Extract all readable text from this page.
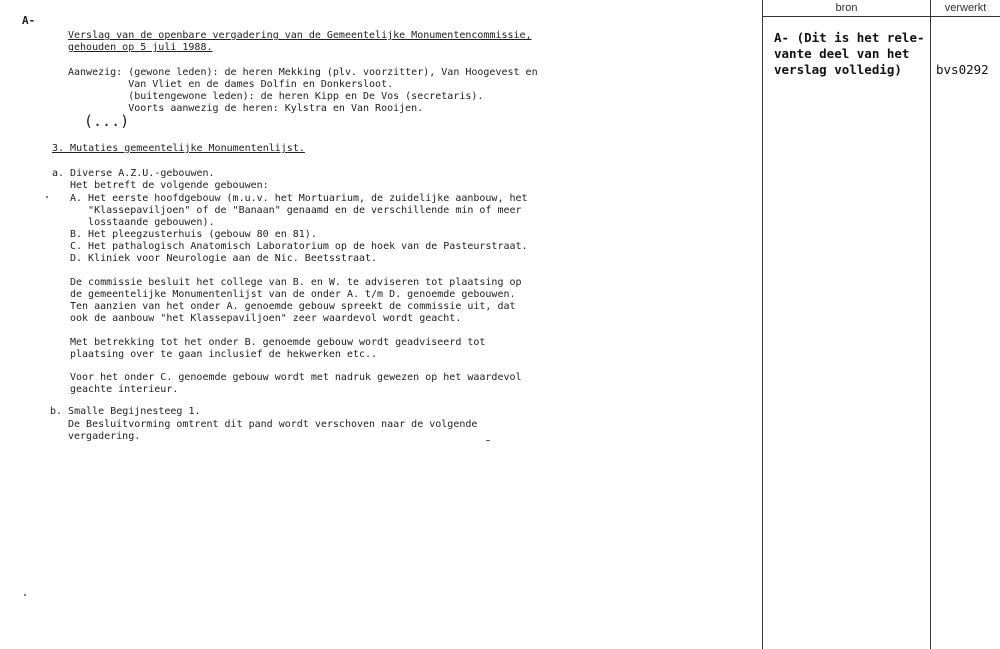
A-
Verslag van de openbare vergadering van de Gemeentelijke Monumentencommissie,
gehouden op 5 juli 1988.
Aanwezig: (gewone leden): de heren Mekking (plv. voorzitter), Van Hoogevest en
Van Vliet en de dames Dolfin en Donkersloot.
(buitengewone leden): de heren Kipp en De Vos (secretaris).
Voorts aanwezig de heren: Kylstra en Van Rooijen.
(...)
3. Mutaties gemeentelijke Monumentenlijst.
a. Diverse A.Z.U.-gebouwen.
Het betreft de volgende gebouwen:
A. Het eerste hoofdgebouw (m.u.v. het Mortuarium, de zuidelijke aanbouw, het
"Klassepaviljoen" of de "Banaan" genaamd en de verschillende min of meer
losstaande gebouwen).
B. Het pleegzusterhuis (gebouw 80 en 81).
C. Het pathalogisch Anatomisch Laboratorium op de hoek van de Pasteurstraat.
D. Kliniek voor Neurologie aan de Nic. Beetsstraat.
De commissie besluit het college van B. en W. te adviseren tot plaatsing op
de gemeentelijke Monumentenlijst van de onder A. t/m D. genoemde gebouwen.
Ten aanzien van het onder A. genoemde gebouw spreekt de commissie uit, dat
ook de aanbouw "het Klassepaviljoen" zeer waardevol wordt geacht.
Met betrekking tot het onder B. genoemde gebouw wordt geadviseerd tot
plaatsing over te gaan inclusief de hekwerken etc..
Voor het onder C. genoemde gebouw wordt met nadruk gewezen op het waardevol
geachte interieur.
b. Smalle Begijnesteeg 1.
De Besluitvorming omtrent dit pand wordt verschoven naar de volgende
vergadering.
bron	verwerkt
A- (Dit is het rele-
vante deel van het
verslag volledig)	bvs0292
